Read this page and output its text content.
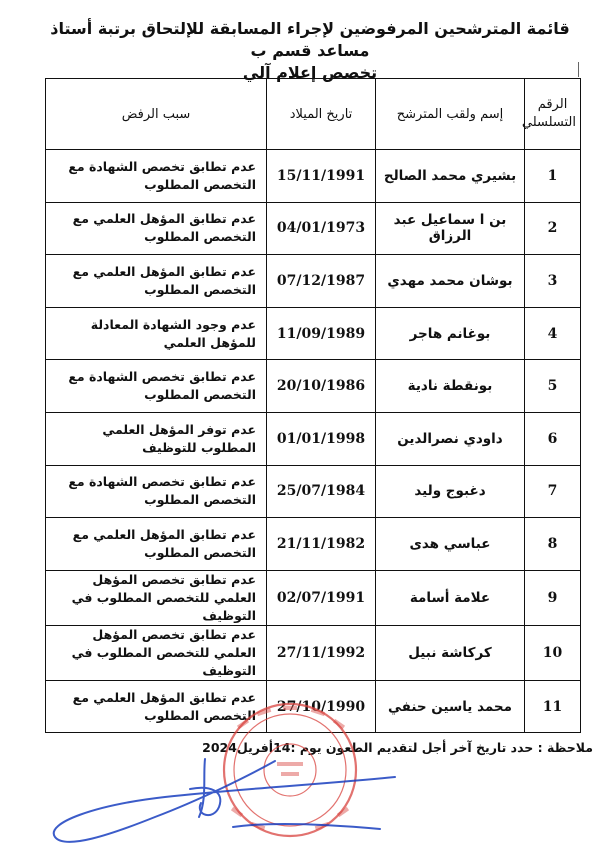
قائمة المترشحين المرفوضين لإجراء المسابقة للإلتحاق برتبة أستاذ مساعد قسم ب
تخصص إعلام آلي
الرقم
التسلسلي	إسم ولقب المترشح	تاريخ الميلاد	سبب الرفض
1	بشيري محمد الصالح	15/11/1991	عدم تطابق تخصص الشهادة مع التخصص المطلوب
2	بن ا سماعيل عبد الرزاق	04/01/1973	عدم تطابق المؤهل العلمي مع التخصص المطلوب
3	بوشان محمد مهدي	07/12/1987	عدم تطابق المؤهل العلمي مع التخصص المطلوب
4	بوغانم هاجر	11/09/1989	عدم وجود الشهادة المعادلة للمؤهل العلمي
5	بونقطة نادية	20/10/1986	عدم تطابق تخصص الشهادة مع التخصص المطلوب
6	داودي نصرالدين	01/01/1998	عدم توفر المؤهل العلمي المطلوب للتوظيف
7	دغبوج وليد	25/07/1984	عدم تطابق تخصص الشهادة مع التخصص المطلوب
8	عباسي هدى	21/11/1982	عدم تطابق المؤهل العلمي مع التخصص المطلوب
9	علامة أسامة	02/07/1991	عدم تطابق تخصص المؤهل العلمي للتخصص المطلوب في التوظيف
10	كركاشة نبيل	27/11/1992	عدم تطابق تخصص المؤهل العلمي للتخصص المطلوب في التوظيف
11	محمد ياسين حنفي	27/10/1990	عدم تطابق المؤهل العلمي مع التخصص المطلوب
ملاحظة : حدد تاريخ آخر أجل لتقديم الطعون يوم :14أفريل2024
